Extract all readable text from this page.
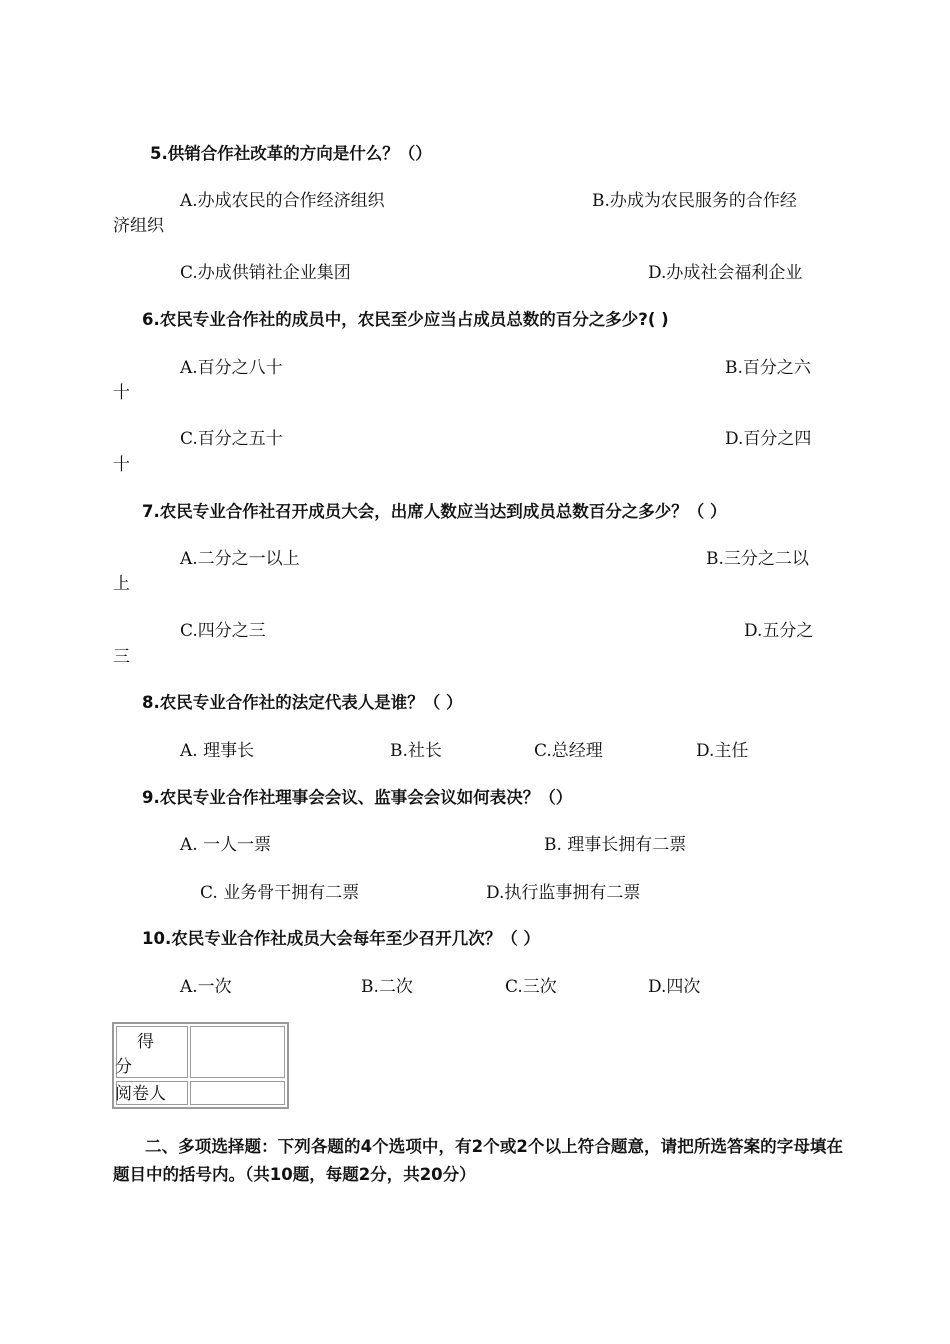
5.供销合作社改革的方向是什么？（）
A.办成农民的合作经济组织	B.办成为农民服务的合作经
济组织
C.办成供销社企业集团	D.办成社会福利企业
6.农民专业合作社的成员中，农民至少应当占成员总数的百分之多少?( )
A.百分之八十	B.百分之六
十
C.百分之五十	D.百分之四
十
7.农民专业合作社召开成员大会，出席人数应当达到成员总数百分之多少？（ ）
A.二分之一以上	B.三分之二以
上
C.四分之三	D.五分之
三
8.农民专业合作社的法定代表人是谁？（ ）
A. 理事长	B.社长	C.总经理	D.主任
9.农民专业合作社理事会会议、监事会会议如何表决？（）
A. 一人一票	B. 理事长拥有二票
C. 业务骨干拥有二票	D.执行监事拥有二票
10.农民专业合作社成员大会每年至少召开几次？（ ）
A.一次	B.二次	C.三次	D.四次
得
分
阅卷人
二、多项选择题：下列各题的4个选项中，有2个或2个以上符合题意，请把所选答案的字母填在题目中的括号内。（共10题，每题2分，共20分）
